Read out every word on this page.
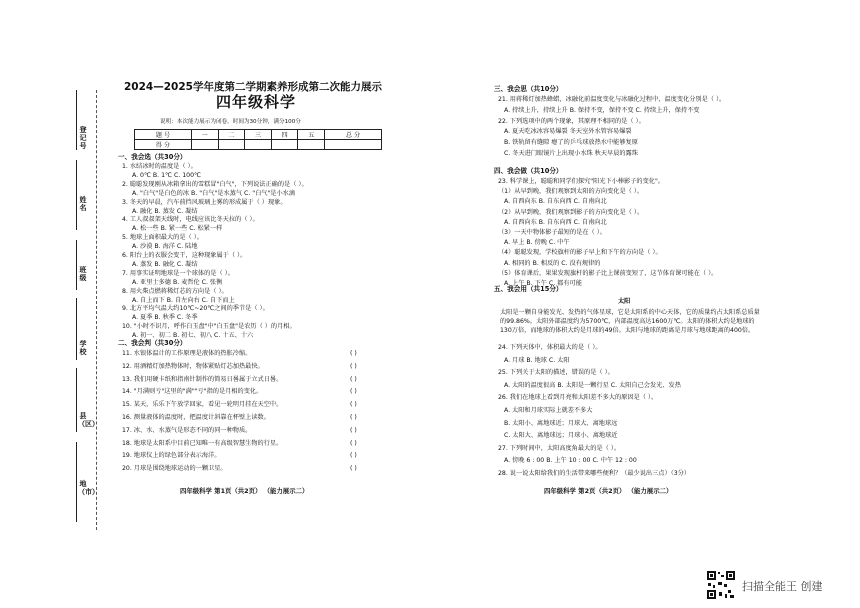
登记号
姓名
班级
学校
县（区）
地（市）
2024—2025学年度第二学期素养形成第二次能力展示
四年级科学
说明：本次能力展示为闭卷，时间为30分钟，满分100分
题 号	一	二	三	四	五	总 分
得 分						
一、我会选（共30分）
1. 水结冰时的温度是（ ）。
A. 0℃ B. 1℃ C. 100℃
2. 聪聪发现刚从冰箱拿出的雪糕冒"白气"，下列说法正确的是（ ）。
A. "白气"是白色的冰 B. "白气"是水蒸气 C. "白气"是小水滴
3. 冬天的早晨，汽车前挡风玻璃上雾的形成属于（ ）现象。
A. 融化 B. 蒸发 C. 凝结
4. 工人叔叔架天线时，电线应该比冬天拉的（ ）。
A. 松一些 B. 紧一些 C. 松紧一样
5. 地球上面积最大的是（ ）。
A. 沙漠 B. 海洋 C. 陆地
6. 阳台上的衣服会变干，这种现象属于（ ）。
A. 蒸发 B. 融化 C. 凝结
7. 用事实证明地球是一个球体的是（ ）。
A. 亚里士多德 B. 麦哲伦 C. 张衡
8. 用火柴点燃蒋稀灯芯的方向是（ ）。
A. 自上而下 B. 自左向右 C. 自下而上
9. 北方平均气温大约10℃~20℃之间的季节是（ ）。
A. 夏季 B. 秋季 C. 冬季
10. "小时不识月，呼作白玉盘"中"白玉盘"是农历（ ）的月相。
A. 初一、初二 B. 初七、初八 C. 十五、十六
二、我会判（共30分）
11. 水银体温计的工作原理是液体的热胀冷缩。	( )
12. 用酒精灯加热物体时，物体紧贴灯芯加热最快。	( )
13. 我们用硬卡纸和指南针制作的简易日晷属于立式日晷。	( )
14. "月满则亏"这里的"满""亏"指的是月相的变化。	( )
15. 某天，乐乐下午放学回家，看见一轮明月挂在天空中。	( )
16. 测量液体的温度时，把温度计斜靠在杯壁上读数。	( )
17. 冰、水、水蒸气是形态不同的同一种物质。	( )
18. 地球是太阳系中目前已知唯一有高级智慧生物的行星。	( )
19. 地球仪上的绿色部分表示海洋。	( )
20. 月球是围绕地球运动的一颗卫星。	( )
四年级科学 第1页（共2页） （能力展示二）
三、我会思（共10分）
21. 用蒋稀灯加热蜂蜡，冰融化前温度变化与冰融化过程中，温度变化分别是（ ）。
A. 持续上升，持续上升 B. 保持不变，保持不变 C. 持续上升，保持不变
22. 下列选项中的两个现象，其原理不相同的是（ ）。
A. 夏天吃冰冰容易爆裂 冬天室外水管容易爆裂
B. 铁轨留有缝隙 瘪了的乒乓球放热水中能够复原
C. 冬天进门眼镜片上出现小水珠 秋天早晨的露珠
四、我会做（共10分）
23. 科学课上，聪聪和同学们探究"阳光下小棒影子的变化"。
（1）从早到晚，我们观察到太阳的方向变化是（ ）。
A. 自西向东 B. 自东向西 C. 自南向北
（2）从早到晚，我们观察到影子的方向变化是（ ）。
A. 自西向东 B. 自东向西 C. 自南向北
（3）一天中物体影子最短的是在（ ）。
A. 早上 B. 傍晚 C. 中午
（4）聪聪发现，学校旗杆的影子早上和下午的方向是（ ）。
A. 相同的 B. 相反的 C. 没有规律的
（5）体育课后，果果发现旗杆的影子比上课前变短了，这节体育课可能在（ ）。
A. 上午 B. 下午 C. 都有可能
五、我会用（共15分）
太阳
太阳是一颗自身能发光、发热的气体星球，它是太阳系的中心天体，它的质量约占太阳系总质量的99.86%。太阳外部温度约为5700℃，内部温度高达1600万℃。太阳的体积大约是地球的130万倍，而地球的体积大约是月球的49倍。太阳与地球的距离是月球与地球距离的400倍。
24. 下列天体中，体积最大的是（ ）。
A. 月球 B. 地球 C. 太阳
25. 下列关于太阳的描述，错误的是（ ）。
A. 太阳的温度很高 B. 太阳是一颗行星 C. 太阳自己会发光、发热
26. 我们在地球上看到月亮和太阳差不多大的原因是（ ）。
A. 太阳和月球实际上就差不多大
B. 太阳小、离地球近；月球大、离地球远
C. 太阳大、离地球远；月球小、离地球近
27. 下列时间中，太阳高度角最大的是（ ）。
A. 傍晚 6 : 00 B. 上午 10 : 00 C. 中午 12 : 00
28. 说一说太阳给我们的生活带来哪些便利？（最少说出三点）（3分）
四年级科学 第2页（共2页） （能力展示二）
扫描全能王 创建
